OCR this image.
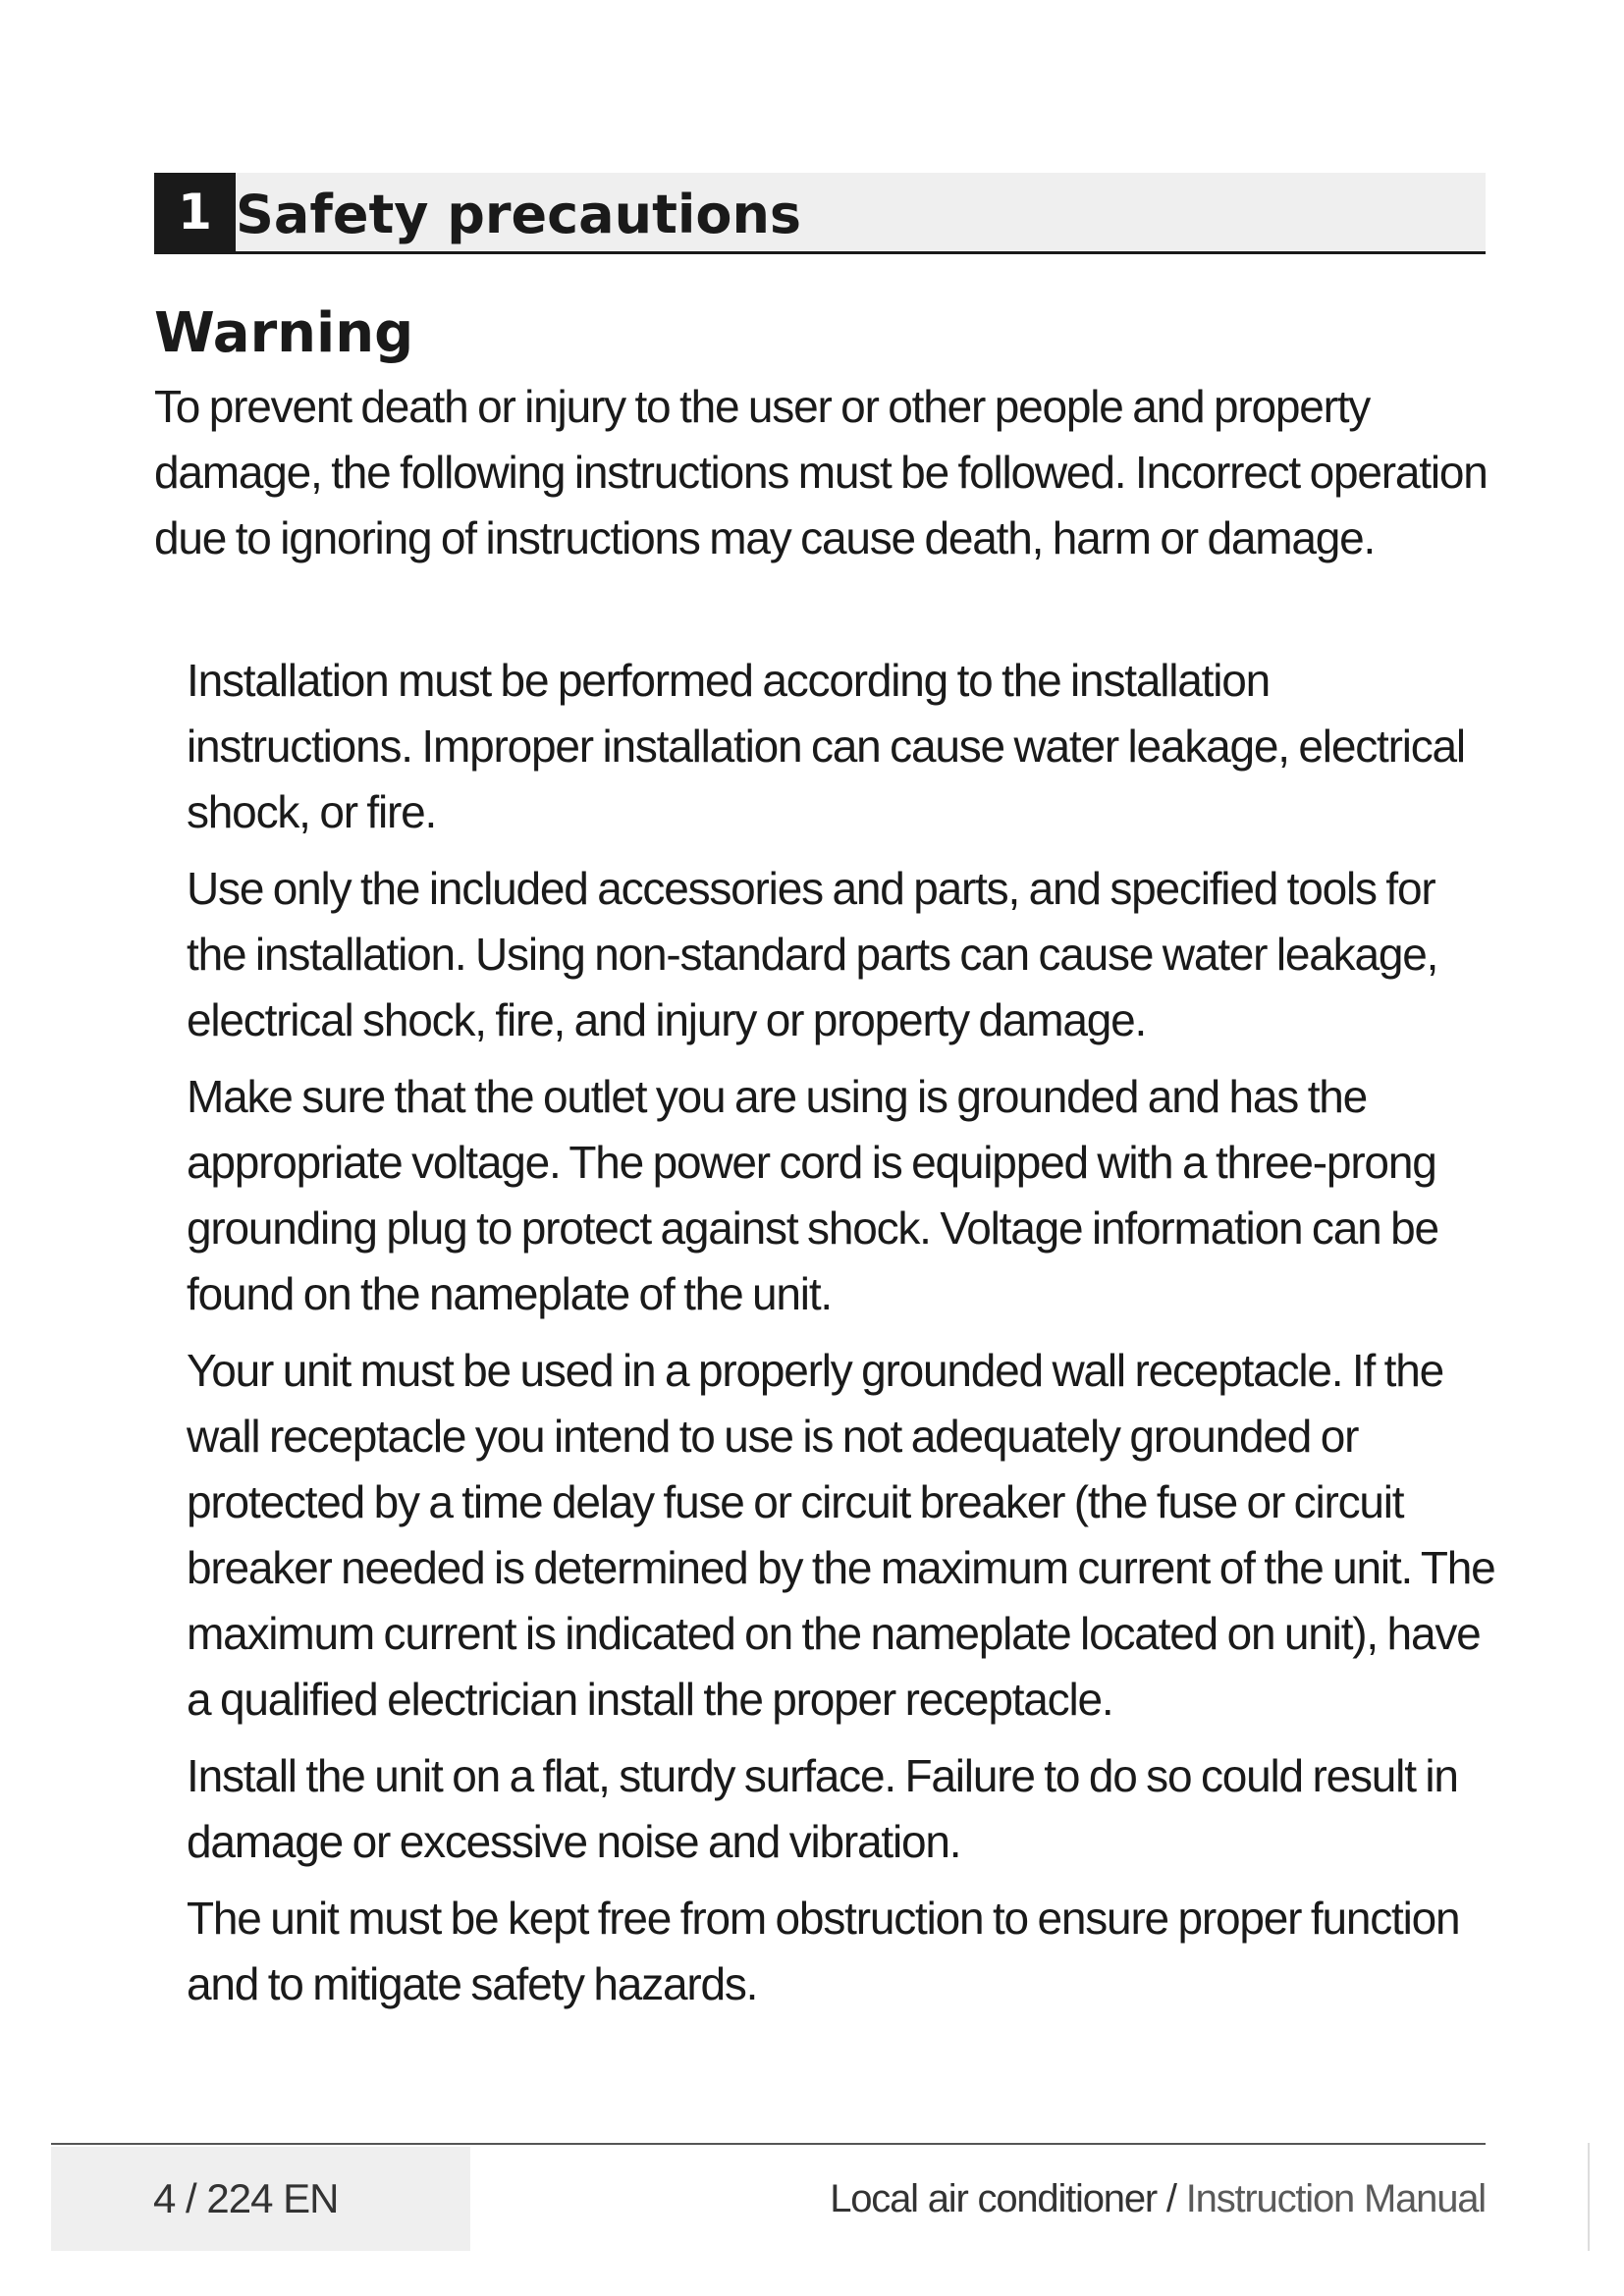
1 Safety precautions
Warning

To prevent death or injury to the user or other people and property damage, the following instructions must be followed. Incorrect operation due to ignoring of instructions may cause death, harm or damage.

Installation must be performed according to the installation instructions. Improper installation can cause water leakage, electrical shock, or fire.
Use only the included accessories and parts, and specified tools for the installation. Using non-standard parts can cause water leakage, electrical shock, fire, and injury or property damage.
Make sure that the outlet you are using is grounded and has the appropriate voltage. The power cord is equipped with a three-prong grounding plug to protect against shock. Voltage information can be found on the nameplate of the unit.
Your unit must be used in a properly grounded wall receptacle. If the wall receptacle you intend to use is not adequately grounded or protected by a time delay fuse or circuit breaker (the fuse or circuit breaker needed is determined by the maximum current of the unit. The maximum current is indicated on the nameplate located on unit), have a qualified electrician install the proper receptacle.
Install the unit on a flat, sturdy surface. Failure to do so could result in damage or excessive noise and vibration.
The unit must be kept free from obstruction to ensure proper function and to mitigate safety hazards.
4 / 224 EN	Local air conditioner / Instruction Manual
